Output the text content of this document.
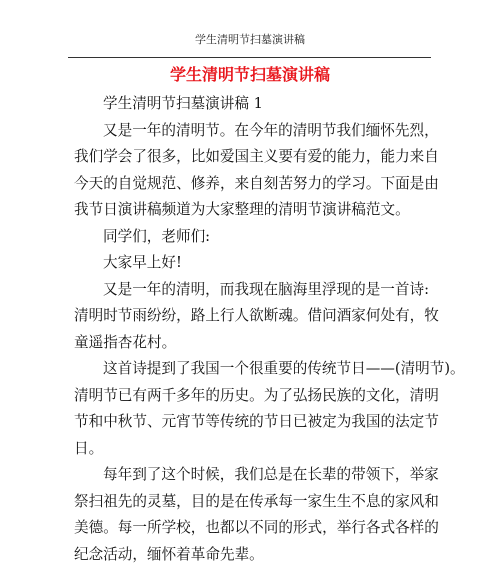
学生清明节扫墓演讲稿
学生清明节扫墓演讲稿
学生清明节扫墓演讲稿 1
又是一年的清明节。在今年的清明节我们缅怀先烈，
我们学会了很多，比如爱国主义要有爱的能力，能力来自
今天的自觉规范、修养，来自刻苦努力的学习。下面是由
我节日演讲稿频道为大家整理的清明节演讲稿范文。
同学们，老师们:
大家早上好!
又是一年的清明，而我现在脑海里浮现的是一首诗:
清明时节雨纷纷，路上行人欲断魂。借问酒家何处有，牧
童遥指杏花村。
这首诗提到了我国一个很重要的传统节日——(清明节)。
清明节已有两千多年的历史。为了弘扬民族的文化，清明
节和中秋节、元宵节等传统的节日已被定为我国的法定节
日。
每年到了这个时候，我们总是在长辈的带领下，举家
祭扫祖先的灵墓，目的是在传承每一家生生不息的家风和
美德。每一所学校，也都以不同的形式，举行各式各样的
纪念活动，缅怀着革命先辈。
